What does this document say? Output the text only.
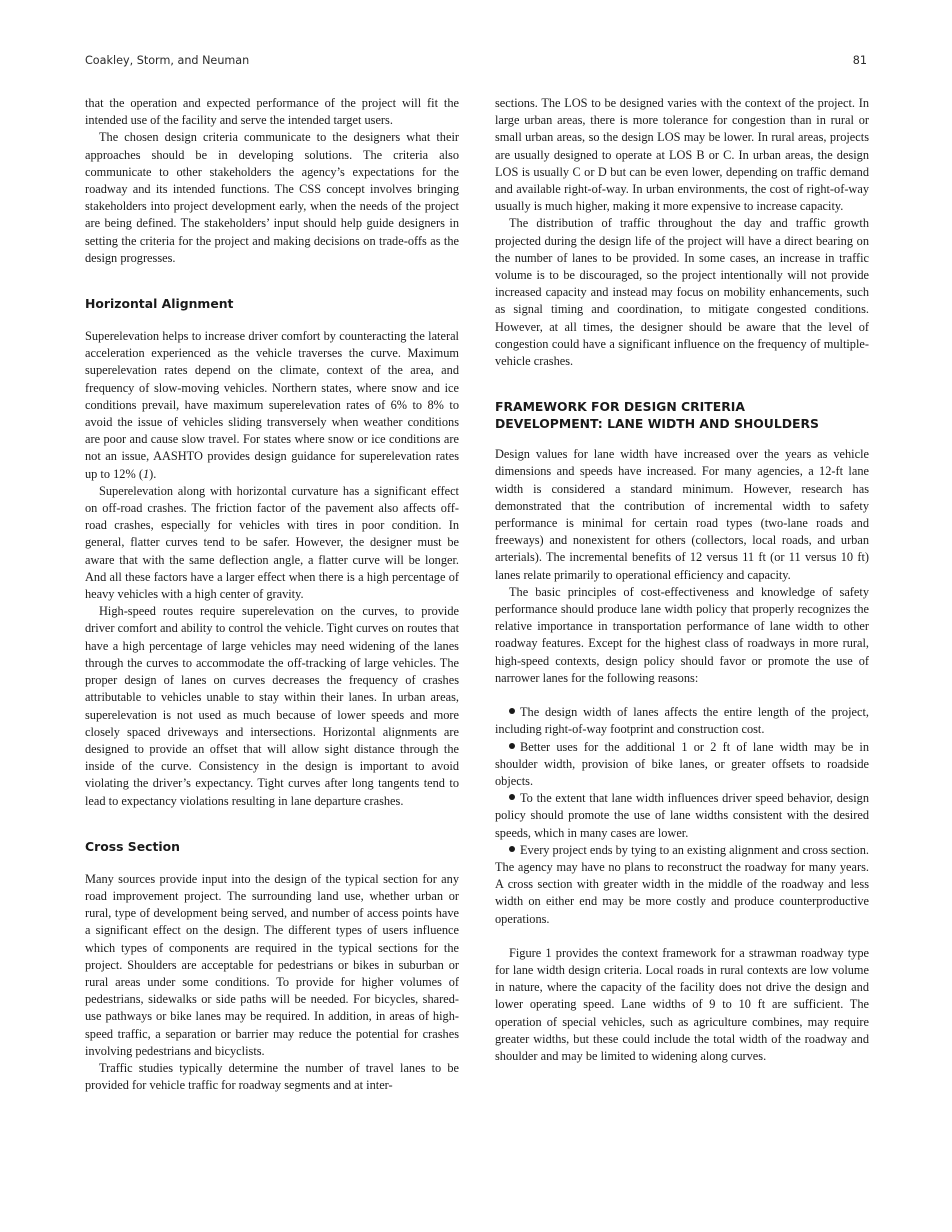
Coakley, Storm, and Neuman	81

that the operation and expected performance of the project will fit the intended use of the facility and serve the intended target users.

The chosen design criteria communicate to the designers what their approaches should be in developing solutions. The criteria also communicate to other stakeholders the agency’s expectations for the roadway and its intended functions. The CSS concept involves bringing stakeholders into project development early, when the needs of the project are being defined. The stakeholders’ input should help guide designers in setting the criteria for the project and making decisions on trade-offs as the design progresses.

Horizontal Alignment

Superelevation helps to increase driver comfort by counteracting the lateral acceleration experienced as the vehicle traverses the curve. Maximum superelevation rates depend on the climate, context of the area, and frequency of slow-moving vehicles. Northern states, where snow and ice conditions prevail, have maximum superelevation rates of 6% to 8% to avoid the issue of vehicles sliding transversely when weather conditions are poor and cause slow travel. For states where snow or ice conditions are not an issue, AASHTO provides design guidance for superelevation rates up to 12% (1).

Superelevation along with horizontal curvature has a significant effect on off-road crashes. The friction factor of the pavement also affects off-road crashes, especially for vehicles with tires in poor condition. In general, flatter curves tend to be safer. However, the designer must be aware that with the same deflection angle, a flatter curve will be longer. And all these factors have a larger effect when there is a high percentage of heavy vehicles with a high center of gravity.

High-speed routes require superelevation on the curves, to provide driver comfort and ability to control the vehicle. Tight curves on routes that have a high percentage of large vehicles may need widening of the lanes through the curves to accommodate the off-tracking of large vehicles. The proper design of lanes on curves decreases the frequency of crashes attributable to vehicles unable to stay within their lanes. In urban areas, superelevation is not used as much because of lower speeds and more closely spaced driveways and intersections. Horizontal alignments are designed to provide an offset that will allow sight distance through the inside of the curve. Consistency in the design is important to avoid violating the driver’s expectancy. Tight curves after long tangents tend to lead to expectancy violations resulting in lane departure crashes.

Cross Section

Many sources provide input into the design of the typical section for any road improvement project. The surrounding land use, whether urban or rural, type of development being served, and number of access points have a significant effect on the design. The different types of users influence which types of components are required in the typical sections for the project. Shoulders are acceptable for pedestrians or bikes in suburban or rural areas under some conditions. To provide for higher volumes of pedestrians, sidewalks or side paths will be needed. For bicycles, shared-use pathways or bike lanes may be required. In addition, in areas of high-speed traffic, a separation or barrier may reduce the potential for crashes involving pedestrians and bicyclists.

Traffic studies typically determine the number of travel lanes to be provided for vehicle traffic for roadway segments and at inter-

sections. The LOS to be designed varies with the context of the project. In large urban areas, there is more tolerance for congestion than in rural or small urban areas, so the design LOS may be lower. In rural areas, projects are usually designed to operate at LOS B or C. In urban areas, the design LOS is usually C or D but can be even lower, depending on traffic demand and available right-of-way. In urban environments, the cost of right-of-way usually is much higher, making it more expensive to increase capacity.

The distribution of traffic throughout the day and traffic growth projected during the design life of the project will have a direct bearing on the number of lanes to be provided. In some cases, an increase in traffic volume is to be discouraged, so the project intentionally will not provide increased capacity and instead may focus on mobility enhancements, such as signal timing and coordination, to mitigate congested conditions. However, at all times, the designer should be aware that the level of congestion could have a significant influence on the frequency of multiple-vehicle crashes.

FRAMEWORK FOR DESIGN CRITERIA
DEVELOPMENT: LANE WIDTH AND SHOULDERS

Design values for lane width have increased over the years as vehicle dimensions and speeds have increased. For many agencies, a 12-ft lane width is considered a standard minimum. However, research has demonstrated that the contribution of incremental width to safety performance is minimal for certain road types (two-lane roads and freeways) and nonexistent for others (collectors, local roads, and urban arterials). The incremental benefits of 12 versus 11 ft (or 11 versus 10 ft) lanes relate primarily to operational efficiency and capacity.

The basic principles of cost-effectiveness and knowledge of safety performance should produce lane width policy that properly recognizes the relative importance in transportation performance of lane width to other roadway features. Except for the highest class of roadways in more rural, high-speed contexts, design policy should favor or promote the use of narrower lanes for the following reasons:

The design width of lanes affects the entire length of the project, including right-of-way footprint and construction cost.
Better uses for the additional 1 or 2 ft of lane width may be in shoulder width, provision of bike lanes, or greater offsets to roadside objects.
To the extent that lane width influences driver speed behavior, design policy should promote the use of lane widths consistent with the desired speeds, which in many cases are lower.
Every project ends by tying to an existing alignment and cross section. The agency may have no plans to reconstruct the roadway for many years. A cross section with greater width in the middle of the roadway and less width on either end may be more costly and produce counterproductive operations.

Figure 1 provides the context framework for a strawman roadway type for lane width design criteria. Local roads in rural contexts are low volume in nature, where the capacity of the facility does not drive the design and lower operating speed. Lane widths of 9 to 10 ft are sufficient. The operation of special vehicles, such as agriculture combines, may require greater widths, but these could include the total width of the roadway and shoulder and may be limited to widening along curves.
